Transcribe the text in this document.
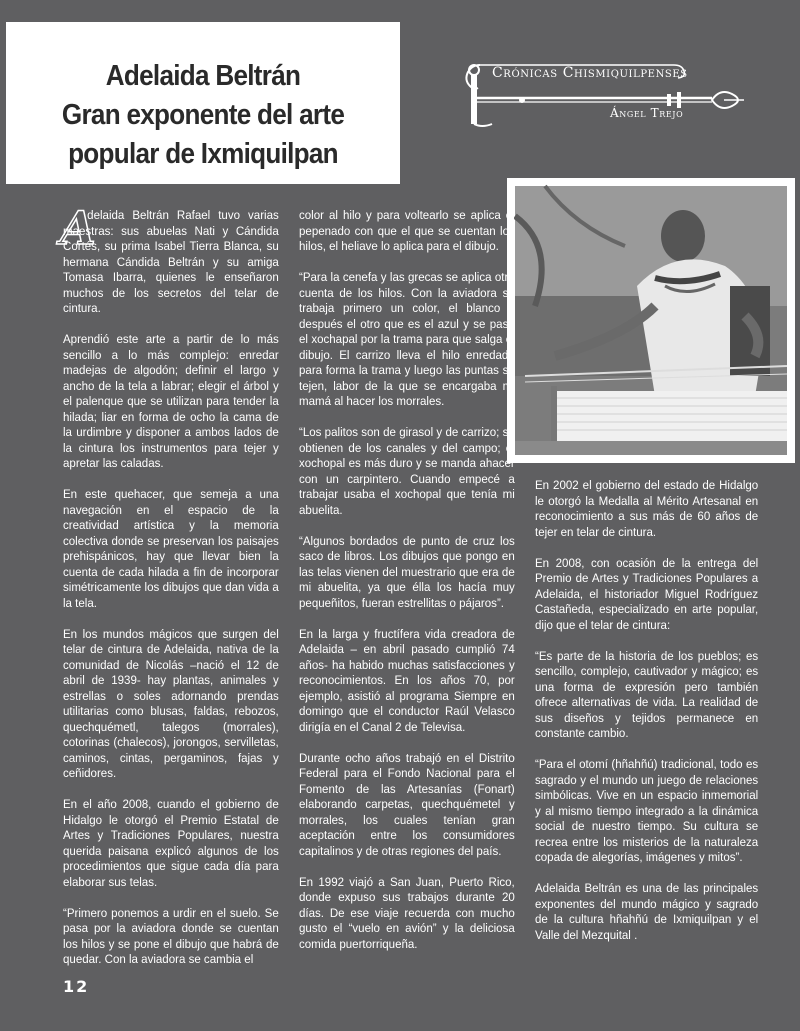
Adelaida Beltrán
Gran exponente del arte
popular de Ixmiquilpan
Crónicas Chismiquilpenses
Ángel Trejo
A

delaida Beltrán Rafael tuvo varias maestras: sus abuelas Nati y Cándida Cortés, su prima Isabel Tierra Blanca, su hermana Cándida Beltrán y su amiga Tomasa Ibarra, quienes le enseñaron muchos de los secretos del telar de cintura.

Aprendió este arte a partir de lo más sencillo a lo más complejo: enredar madejas de algodón; definir el largo y ancho de la tela a labrar; elegir el árbol y el palenque que se utilizan para tender la hilada; liar en forma de ocho la cama de la urdimbre y disponer a ambos lados de la cintura los instrumentos para tejer y apretar las caladas.

En este quehacer, que semeja a una navegación en el espacio de la creatividad artística y la memoria colectiva donde se preservan los paisajes prehispánicos, hay que llevar bien la cuenta de cada hilada a fin de incorporar simétricamente los dibujos que dan vida a la tela.

En los mundos mágicos que surgen del telar de cintura de Adelaida, nativa de la comunidad de Nicolás –nació el 12 de abril de 1939- hay plantas, animales y estrellas o soles adornando prendas utilitarias como blusas, faldas, rebozos, quechquémetl, talegos (morrales), cotorinas (chalecos), jorongos, servilletas, caminos, cintas, pergaminos, fajas y ceñidores.

En el año 2008, cuando el gobierno de Hidalgo le otorgó el Premio Estatal de Artes y Tradiciones Populares, nuestra querida paisana explicó algunos de los procedimientos que sigue cada día para elaborar sus telas.

“Primero ponemos a urdir en el suelo. Se pasa por la aviadora donde se cuentan los hilos y se pone el dibujo que habrá de quedar. Con la aviadora se cambia el

color al hilo y para voltearlo se aplica el pepenado con que el que se cuentan los hilos, el heliave lo aplica para el dibujo.

“Para la cenefa y las grecas se aplica otra cuenta de los hilos. Con la aviadora se trabaja primero un color, el blanco y después el otro que es el azul y se pasa el xochapal por la trama para que salga el dibujo. El carrizo lleva el hilo enredado para forma la trama y luego las puntas se tejen, labor de la que se encargaba mi mamá al hacer los morrales.

“Los palitos son de girasol y de carrizo; se obtienen de los canales y del campo; el xochopal es más duro y se manda ahacer con un carpintero. Cuando empecé a trabajar usaba el xochopal que tenía mi abuelita.

“Algunos bordados de punto de cruz los saco de libros. Los dibujos que pongo en las telas vienen del muestrario que era de mi abuelita, ya que élla los hacía muy pequeñitos, fueran estrellitas o pájaros”.

En la larga y fructífera vida creadora de Adelaida – en abril pasado cumplió 74 años- ha habido muchas satisfacciones y reconocimientos. En los años 70, por ejemplo, asistió al programa Siempre en domingo que el conductor Raúl Velasco dirigía en el Canal 2 de Televisa.

Durante ocho años trabajó en el Distrito Federal para el Fondo Nacional para el Fomento de las Artesanías (Fonart) elaborando carpetas, quechquémetel y morrales, los cuales tenían gran aceptación entre los consumidores capitalinos y de otras regiones del país.

En 1992 viajó a San Juan, Puerto Rico, donde expuso sus trabajos durante 20 días. De ese viaje recuerda con mucho gusto el “vuelo en avión” y la deliciosa comida puertorriqueña.

En 2002 el gobierno del estado de Hidalgo le otorgó la Medalla al Mérito Artesanal en reconocimiento a sus más de 60 años de tejer en telar de cintura.

En 2008, con ocasión de la entrega del Premio de Artes y Tradiciones Populares a Adelaida, el historiador Miguel Rodríguez Castañeda, especializado en arte popular, dijo que el telar de cintura:

“Es parte de la historia de los pueblos; es sencillo, complejo, cautivador y mágico; es una forma de expresión pero también ofrece alternativas de vida. La realidad de sus diseños y tejidos permanece en constante cambio.

“Para el otomí (hñahñú) tradicional, todo es sagrado y el mundo un juego de relaciones simbólicas. Vive en un espacio inmemorial y al mismo tiempo integrado a la dinámica social de nuestro tiempo. Su cultura se recrea entre los misterios de la naturaleza copada de alegorías, imágenes y mitos”.

Adelaida Beltrán es una de las principales exponentes del mundo mágico y sagrado de la cultura hñahñú de Ixmiquilpan y el Valle del Mezquital .

12
